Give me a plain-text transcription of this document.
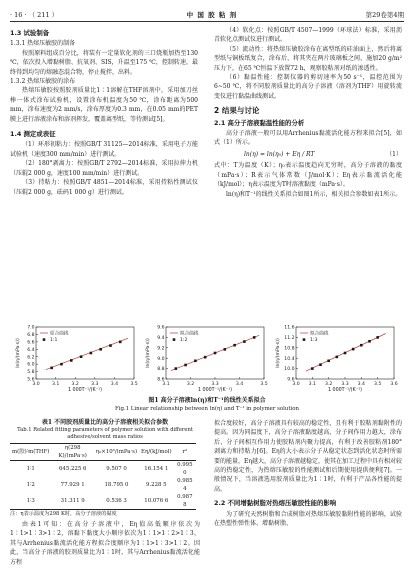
· 16 · （ 211 ）	中 国 胶 粘 剂	第29卷第4期
1.3 试验制备
1.3.1 热熔压敏胶的制备

按照原料组成百分比，将装有一定量软化剂的三口烧瓶加热至130 ℃，依次投入增黏树脂、抗氧剂、SIS，升温至175 ℃，控制转速，最终得到均匀的熔融态混合物，停止搅拌，出料。

1.3.2 热熔压敏胶的涂布

热熔压敏胶按照胶剂质量比1∶1溶解在THF溶剂中，采用加刀丝棒一体式涂布试验机，设置涂布机温度为50 ℃，涂布距离为500 mm，涂布速度为2 mm/s，涂布厚度为0.3 mm，在0.05 mm的PET膜上进行溶液涂布和溶剂挥发，覆盖离型纸，等待测试[5]。

1.4 测定或表征

（1）环形初粘力：按照GB/T 31125—2014标准，采用电子万能试验机（速度300 mm/min）进行测试。

（2）180°剥离力：按照GB/T 2792—2014标准，采用拉伸力机（压辊2 000 g，速度100 mm/min）进行测试。

（3）持粘力：按照GB/T 4851—2014标准，采用持粘性测试仪（压辊2 000 g，砝码1 000 g）进行测试。

（4）软化点：按照GB/T 4507—1999（环球法）标准，采用沥青软化点测试仪进行测试。

（5）流动性：将热熔压敏胶涂布在离型纸的硅油面上，然后将离型纸与铜板纸复合，涂布后，将其夹在两片玻璃板之间，施加20 g/m²压力下，在65 ℃恒温下放置72 h，观察胶粘剂对纸的渗透性。

（6）黏温性能：控制仪器的剪切速率为50 s⁻¹，温控范围为6~50 ℃，将不同胶剂质量比的高分子溶液（溶剂为THF）用旋转流变仪进行黏温曲线测试。

2 结果与讨论
2.1 高分子溶液黏温性能的分析

高分子溶液一般可以用Arrhenius黏流活化能方程来拟合[5]，如式（1）所示。

ln(η) = ln(η₀) + Eη / RT	（1）

式中：T为温度（K）；η₀表示温度趋向无穷时，高分子溶液的黏度（mPa·s）；R表示气体常数（J/mol·K）；Eη表示黏流活化能（kJ/mol）；η表示温度为T时溶液黏度（mPa·s）。

ln(η)和T⁻¹的线性关系拟合如图1所示，相关拟合参数如表1所示。

3.0	3.1	3.2	3.3	3.4	3.5
5.6
5.8
6.0
6.2
6.4
6.6
6.8
7.0
1 000T⁻¹/(K⁻¹)
ln(η/(mPa·s))
原合曲线
1:1
3.1	3.2	3.3	3.4	3.5
8.6
8.8
9.0
9.2
9.4
9.6
1 000T⁻¹/(K⁻¹)
ln(η/(mPa·s))
拟合曲线
1:2
3.0 3.1 3.2 3.3 3.4 3.5 3.6
9.6
10.0
10.4
10.8
11.2
11.6
1 000T⁻¹/(K⁻¹)
ln(η/(mPa·s))
拟合曲线
1:3
图1 高分子溶液ln(η)和T⁻¹的线性关系拟合
Fig.1 Linear relationship between ln(η) and T⁻¹ in polymer solution
表1 不同胶剂质量比的高分子溶液相关拟合参数
Tab.1 Related fitting parameters of polymer solution with different adhesive/solvent mass ratios
m(胶)∶m(THF)	η(298 K)/(mPa·s)	η₀×10³/(mPa·s)	Eη/(kJ/mol)	r²
1∶1	645.225 6	9.507 0	16.154 1	0.995 0
1∶2	77.929 1	18.795 0	9.228 5	0.985 4
1∶3	31.311 9	0.536 3	10.076 6	0.987 8
注：η表示温度为298 K时，高分子溶液的黏度

由表1可知：在高分子溶液中，Eη值高低顺序依次为1∶1>1∶3>1∶2，溶黏下黏度大小顺序依次为1∶1>1∶2>1∶3，其与Arrhenius黏流活化能方程拟合度顺序为1∶1>1∶3>1∶2。因此，当高分子溶液的胶剂质量比为1∶1时，其与Arrhenius黏流活化能方程

拟合度较好，高分子溶液具有较高的稳定性，且有利于胶粘剂黏附性的提高。因为同温度下，高分子溶液黏度越高，分子间作用力越大，涂布后，分子间相互作用力使胶粘剂内聚力提高，有利于改善胶粘剂180°剥离力和持粘力[6]。Eη的大小表示分子从稳定状态到活化状态时所需要的能量，Eη越大，高分子溶液越稳定，使其在加工过程中具有相对较高的热稳定性，为热熔压敏胶的性能测试和后期使用提供便利[7]。一般情况下，当溶液选用胶剂质量比为1∶1时，有利于产品各性能的提高。

2.2 不同增黏树脂对热熔压敏胶性能的影响

为了研究天然树脂和合成树脂对热熔压敏胶黏附性能的影响，试验在热塑性弹性体、增黏树脂、
